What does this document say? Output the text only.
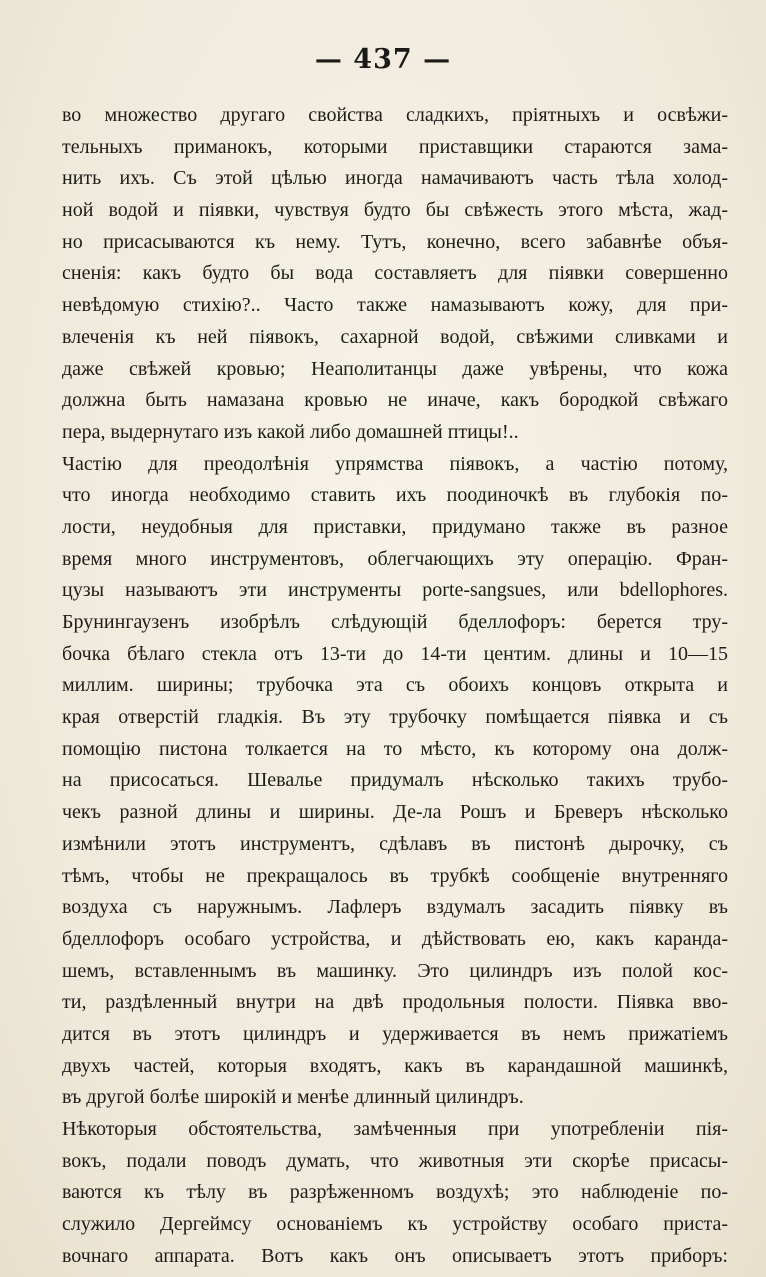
— 437 —
во множество другаго свойства сладкихъ, прiятныхъ и освѣжи-
тельныхъ приманокъ, которыми приставщики стараются зама-
нить ихъ. Съ этой цѣлью иногда намачиваютъ часть тѣла холод-
ной водой и пiявки, чувствуя будто бы свѣжесть этого мѣста, жад-
но присасываются къ нему. Тутъ, конечно, всего забавнѣе объя-
сненiя: какъ будто бы вода составляетъ для пiявки совершенно
невѣдомую стихiю?.. Часто также намазываютъ кожу, для при-
влеченiя къ ней пiявокъ, сахарной водой, свѣжими сливками и
даже свѣжей кровью; Неаполитанцы даже увѣрены, что кожа
должна быть намазана кровью не иначе, какъ бородкой свѣжаго
пера, выдернутаго изъ какой либо домашней птицы!..
Частiю для преодолѣнiя упрямства пiявокъ, а частiю потому,
что иногда необходимо ставить ихъ поодиночкѣ въ глубокiя по-
лости, неудобныя для приставки, придумано также въ разное
время много инструментовъ, облегчающихъ эту операцiю. Фран-
цузы называютъ эти инструменты porte-sangsues, или bdellophores.
Брунингаузенъ изобрѣлъ слѣдующiй бделлофоръ: берется тру-
бочка бѣлаго стекла отъ 13-ти до 14-ти центим. длины и 10—15
миллим. ширины; трубочка эта съ обоихъ концовъ открыта и
края отверстiй гладкiя. Въ эту трубочку помѣщается пiявка и съ
помощiю пистона толкается на то мѣсто, къ которому она долж-
на присосаться. Шевалье придумалъ нѣсколько такихъ трубо-
чекъ разной длины и ширины. Де-ла Рошъ и Бреверъ нѣсколько
измѣнили этотъ инструментъ, сдѣлавъ въ пистонѣ дырочку, съ
тѣмъ, чтобы не прекращалось въ трубкѣ сообщенiе внутренняго
воздуха съ наружнымъ. Лафлеръ вздумалъ засадить пiявку въ
бделлофоръ особаго устройства, и дѣйствовать ею, какъ каранда-
шемъ, вставленнымъ въ машинку. Это цилиндръ изъ полой кос-
ти, раздѣленный внутри на двѣ продольныя полости. Пiявка вво-
дится въ этотъ цилиндръ и удерживается въ немъ прижатiемъ
двухъ частей, которыя входятъ, какъ въ карандашной машинкѣ,
въ другой болѣе широкiй и менѣе длинный цилиндръ.
Нѣкоторыя обстоятельства, замѣченныя при употребленiи пiя-
вокъ, подали поводъ думать, что животныя эти скорѣе присасы-
ваются къ тѣлу въ разрѣженномъ воздухѣ; это наблюденiе по-
служило Дергеймсу основанiемъ къ устройству особаго приста-
вочнаго аппарата. Вотъ какъ онъ описываетъ этотъ приборъ:
